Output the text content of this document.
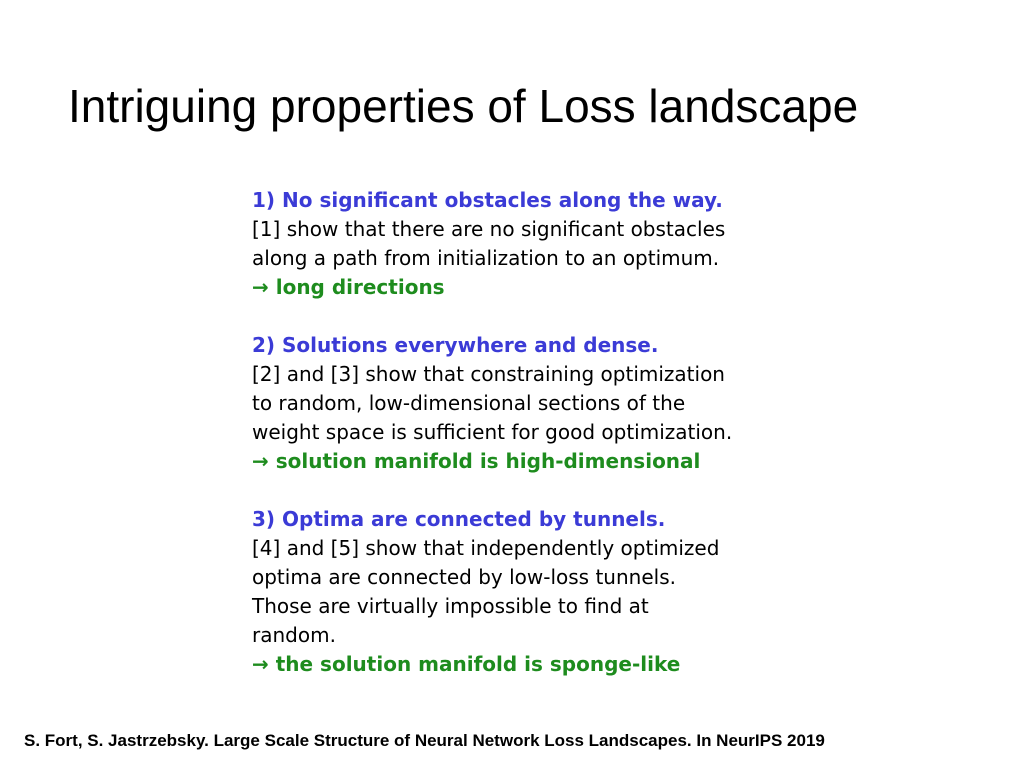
Intriguing properties of Loss landscape
1) No significant obstacles along the way.
[1] show that there are no significant obstacles
along a path from initialization to an optimum.
→ long directions
2) Solutions everywhere and dense.
[2] and [3] show that constraining optimization
to random, low-dimensional sections of the
weight space is sufficient for good optimization.
→ solution manifold is high-dimensional
3) Optima are connected by tunnels.
[4] and [5] show that independently optimized
optima are connected by low-loss tunnels.
Those are virtually impossible to find at
random.
→ the solution manifold is sponge-like
S. Fort, S. Jastrzebsky. Large Scale Structure of Neural Network Loss Landscapes. In NeurIPS 2019
